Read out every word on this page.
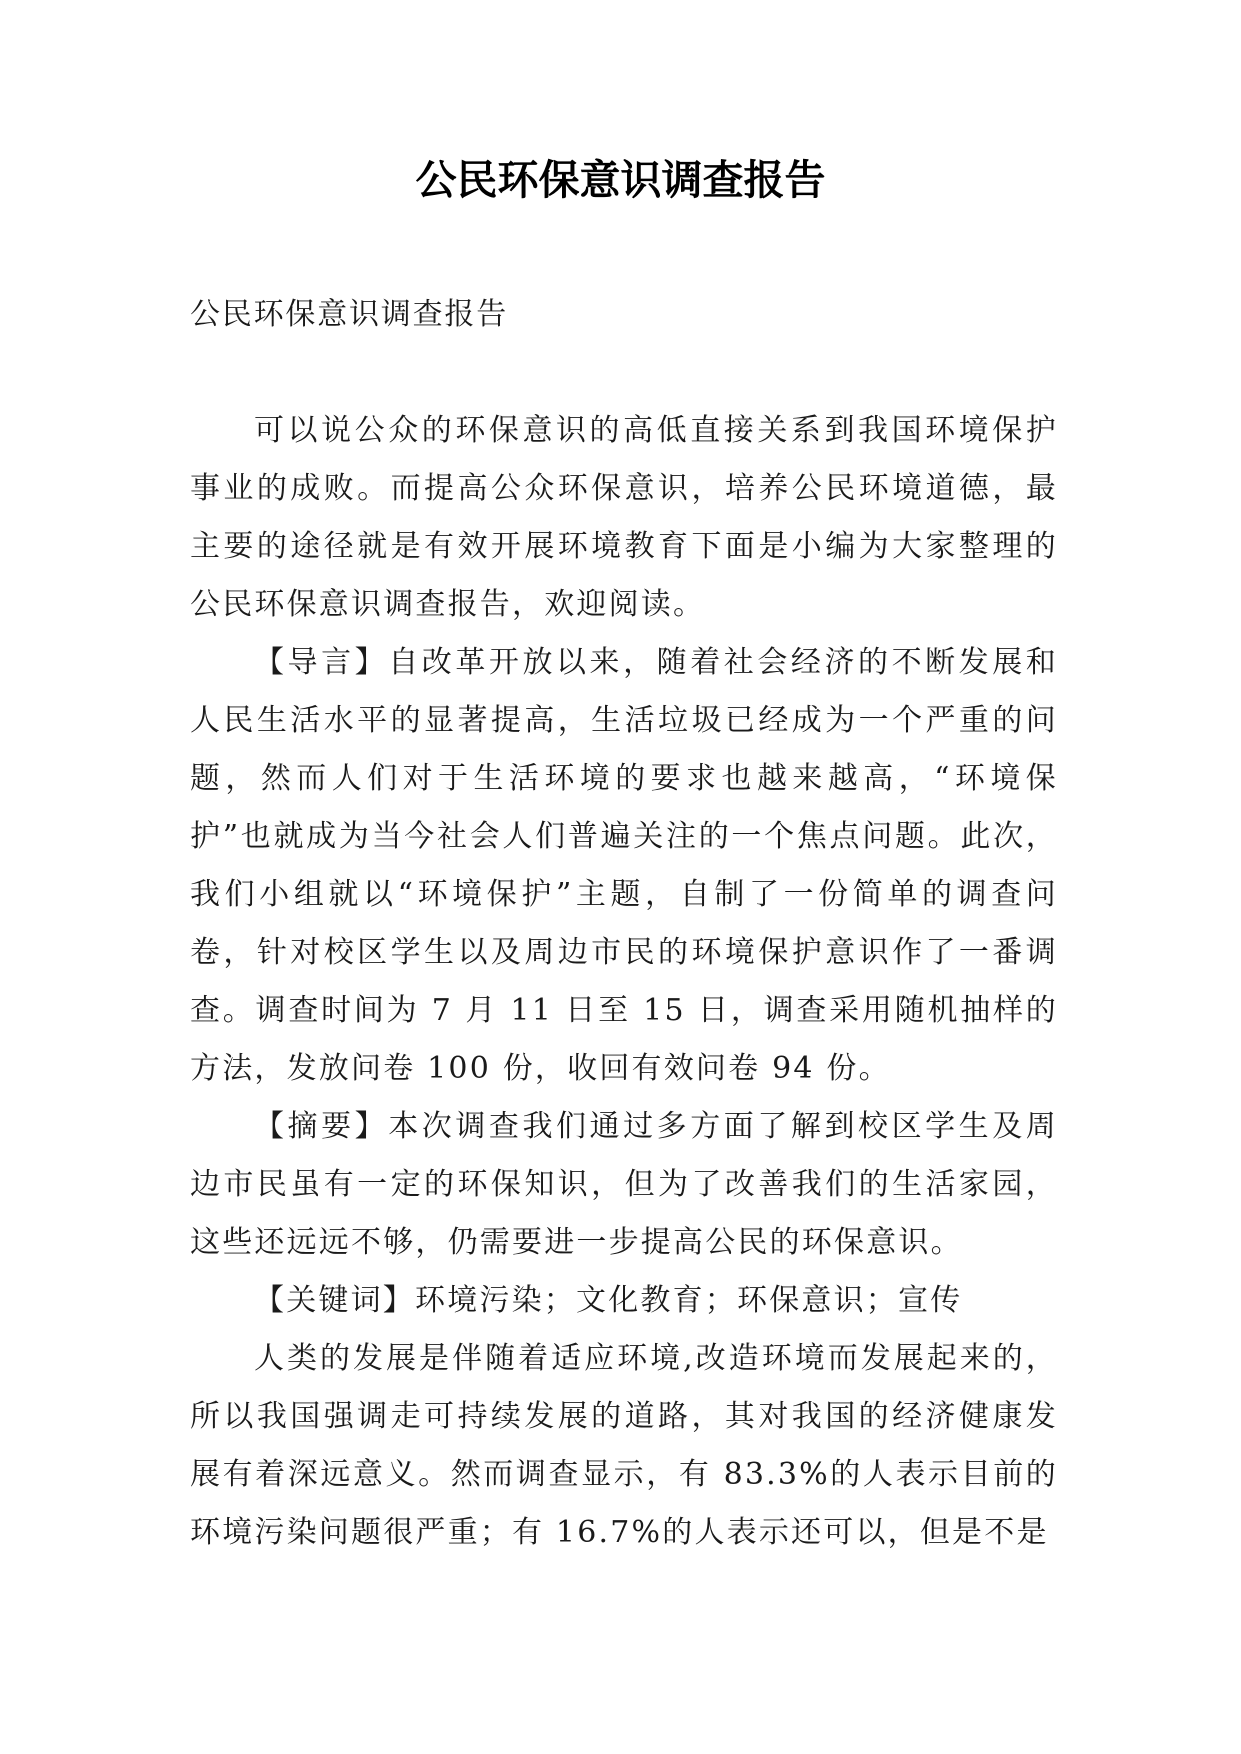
公民环保意识调查报告

公民环保意识调查报告

可以说公众的环保意识的高低直接关系到我国环境保护事业的成败。而提高公众环保意识，培养公民环境道德，最主要的途径就是有效开展环境教育下面是小编为大家整理的公民环保意识调查报告，欢迎阅读。

【导言】自改革开放以来，随着社会经济的不断发展和人民生活水平的显著提高，生活垃圾已经成为一个严重的问题，然而人们对于生活环境的要求也越来越高，“环境保护”也就成为当今社会人们普遍关注的一个焦点问题。此次，我们小组就以“环境保护”主题，自制了一份简单的调查问卷，针对校区学生以及周边市民的环境保护意识作了一番调查。调查时间为 7 月 11 日至 15 日，调查采用随机抽样的方法，发放问卷 100 份，收回有效问卷 94 份。

【摘要】本次调查我们通过多方面了解到校区学生及周边市民虽有一定的环保知识，但为了改善我们的生活家园，这些还远远不够，仍需要进一步提高公民的环保意识。

【关键词】环境污染；文化教育；环保意识；宣传

人类的发展是伴随着适应环境,改造环境而发展起来的，所以我国强调走可持续发展的道路，其对我国的经济健康发展有着深远意义。然而调查显示，有 83.3%的人表示目前的环境污染问题很严重；有 16.7%的人表示还可以，但是不是
